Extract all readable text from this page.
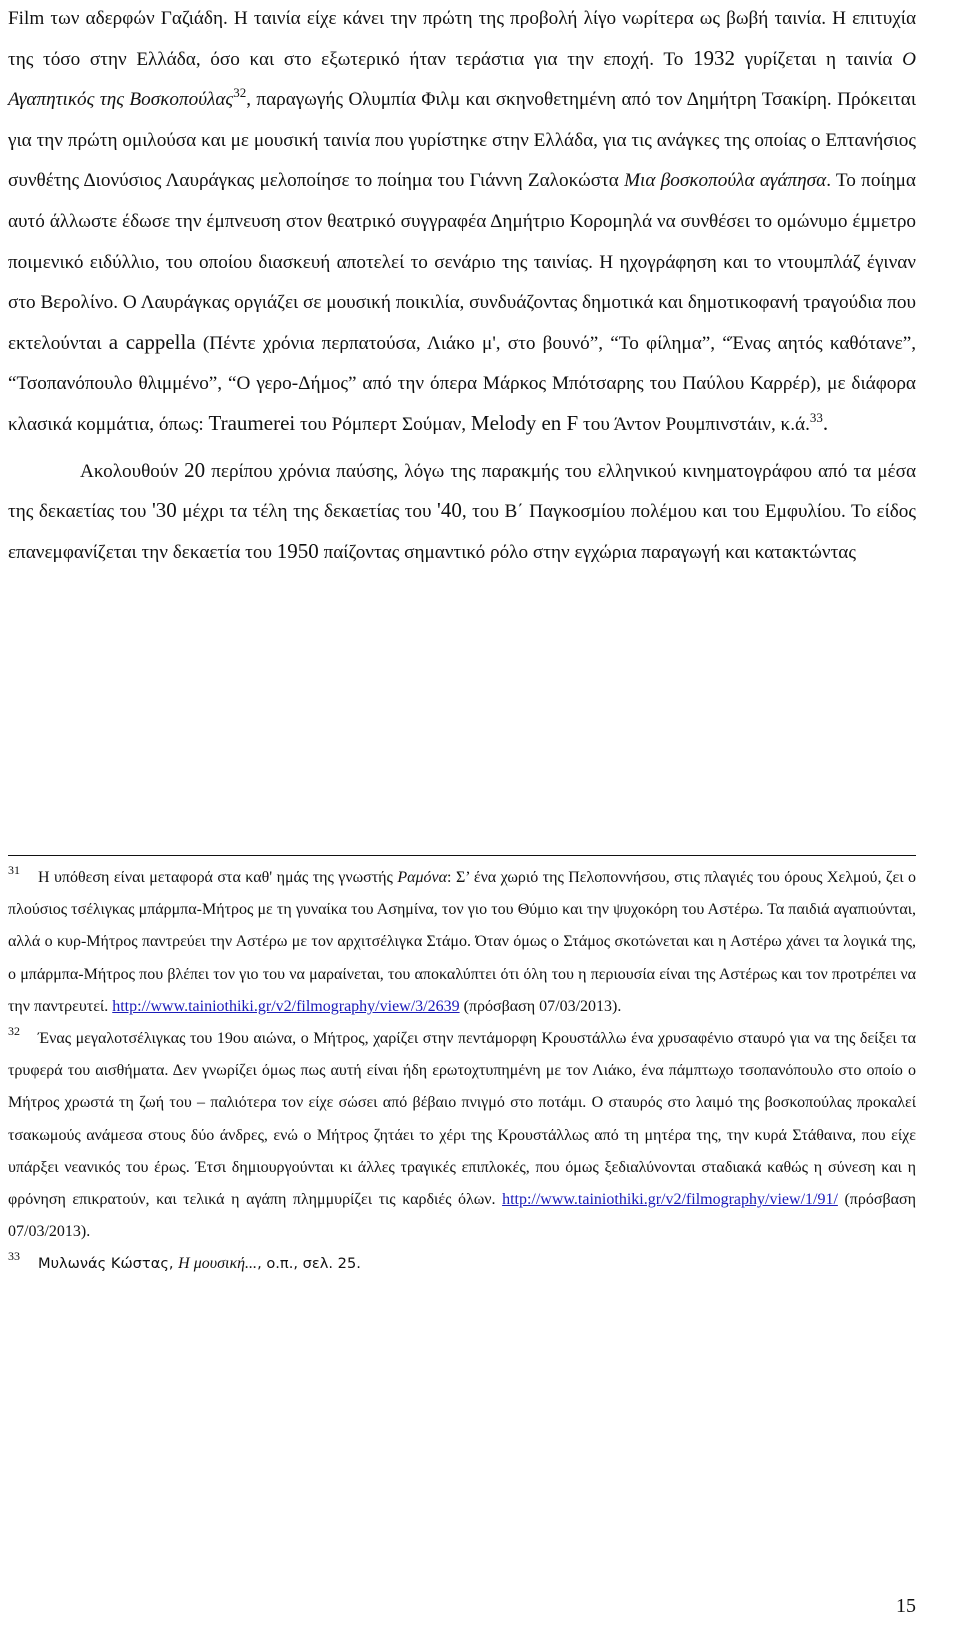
Film των αδερφών Γαζιάδη. Η ταινία είχε κάνει την πρώτη της προβολή λίγο νωρίτερα ως βωβή ταινία. Η επιτυχία της τόσο στην Ελλάδα, όσο και στο εξωτερικό ήταν τεράστια για την εποχή. Το 1932 γυρίζεται η ταινία Ο Αγαπητικός της Βοσκοπούλας$^{32}$, παραγωγής Ολυμπία Φιλμ και σκηνοθετημένη από τον Δημήτρη Τσακίρη. Πρόκειται για την πρώτη ομιλούσα και με μουσική ταινία που γυρίστηκε στην Ελλάδα, για τις ανάγκες της οποίας ο Επτανήσιος συνθέτης Διονύσιος Λαυράγκας μελοποίησε το ποίημα του Γιάννη Ζαλοκώστα Μια βοσκοπούλα αγάπησα. Το ποίημα αυτό άλλωστε έδωσε την έμπνευση στον θεατρικό συγγραφέα Δημήτριο Κορομηλά να συνθέσει το ομώνυμο έμμετρο ποιμενικό ειδύλλιο, του οποίου διασκευή αποτελεί το σενάριο της ταινίας. Η ηχογράφηση και το ντουμπλάζ έγιναν στο Βερολίνο. Ο Λαυράγκας οργιάζει σε μουσική ποικιλία, συνδυάζοντας δημοτικά και δημοτικοφανή τραγούδια που εκτελούνται a cappella (Πέντε χρόνια περπατούσα, Λιάκο μ', στο βουνό”, “Το φίλημα”, “Ένας αητός καθότανε”, “Τσοπανόπουλο θλιμμένο”, “Ο γερο-Δήμος” από την όπερα Μάρκος Μπότσαρης του Παύλου Καρρέρ), με διάφορα κλασικά κομμάτια, όπως: Traumerei του Ρόμπερτ Σούμαν, Melody en F του Άντον Ρουμπινστάιν, κ.ά.$^{33}$.

Ακολουθούν 20 περίπου χρόνια παύσης, λόγω της παρακμής του ελληνικού κινηματογράφου από τα μέσα της δεκαετίας του '30 μέχρι τα τέλη της δεκαετίας του '40, του Β΄ Παγκοσμίου πολέμου και του Εμφυλίου. Το είδος επανεμφανίζεται την δεκαετία του 1950 παίζοντας σημαντικό ρόλο στην εγχώρια παραγωγή και κατακτώντας

$^{31}$ Η υπόθεση είναι μεταφορά στα καθ' ημάς της γνωστής Ραμόνα: Σ’ ένα χωριό της Πελοποννήσου, στις πλαγιές του όρους Χελμού, ζει ο πλούσιος τσέλιγκας μπάρμπα-Μήτρος με τη γυναίκα του Ασημίνα, τον γιο του Θύμιο και την ψυχοκόρη του Αστέρω. Τα παιδιά αγαπιούνται, αλλά ο κυρ-Μήτρος παντρεύει την Αστέρω με τον αρχιτσέλιγκα Στάμο. Όταν όμως ο Στάμος σκοτώνεται και η Αστέρω χάνει τα λογικά της, ο μπάρμπα-Μήτρος που βλέπει τον γιο του να μαραίνεται, του αποκαλύπτει ότι όλη του η περιουσία είναι της Αστέρως και τον προτρέπει να την παντρευτεί. http://www.tainiothiki.gr/v2/filmography/view/3/2639 (πρόσβαση 07/03/2013).

$^{32}$ Ένας μεγαλοτσέλιγκας του 19ου αιώνα, ο Μήτρος, χαρίζει στην πεντάμορφη Κρουστάλλω ένα χρυσαφένιο σταυρό για να της δείξει τα τρυφερά του αισθήματα. Δεν γνωρίζει όμως πως αυτή είναι ήδη ερωτοχτυπημένη με τον Λιάκο, ένα πάμπτωχο τσοπανόπουλο στο οποίο ο Μήτρος χρωστά τη ζωή του – παλιότερα τον είχε σώσει από βέβαιο πνιγμό στο ποτάμι. Ο σταυρός στο λαιμό της βοσκοπούλας προκαλεί τσακωμούς ανάμεσα στους δύο άνδρες, ενώ ο Μήτρος ζητάει το χέρι της Κρουστάλλως από τη μητέρα της, την κυρά Στάθαινα, που είχε υπάρξει νεανικός του έρως. Έτσι δημιουργούνται κι άλλες τραγικές επιπλοκές, που όμως ξεδιαλύνονται σταδιακά καθώς η σύνεση και η φρόνηση επικρατούν, και τελικά η αγάπη πλημμυρίζει τις καρδιές όλων. http://www.tainiothiki.gr/v2/filmography/view/1/91/ (πρόσβαση 07/03/2013).

$^{33}$ Μυλωνάς Κώστας, Η μουσική..., ο.π., σελ. 25.

15
